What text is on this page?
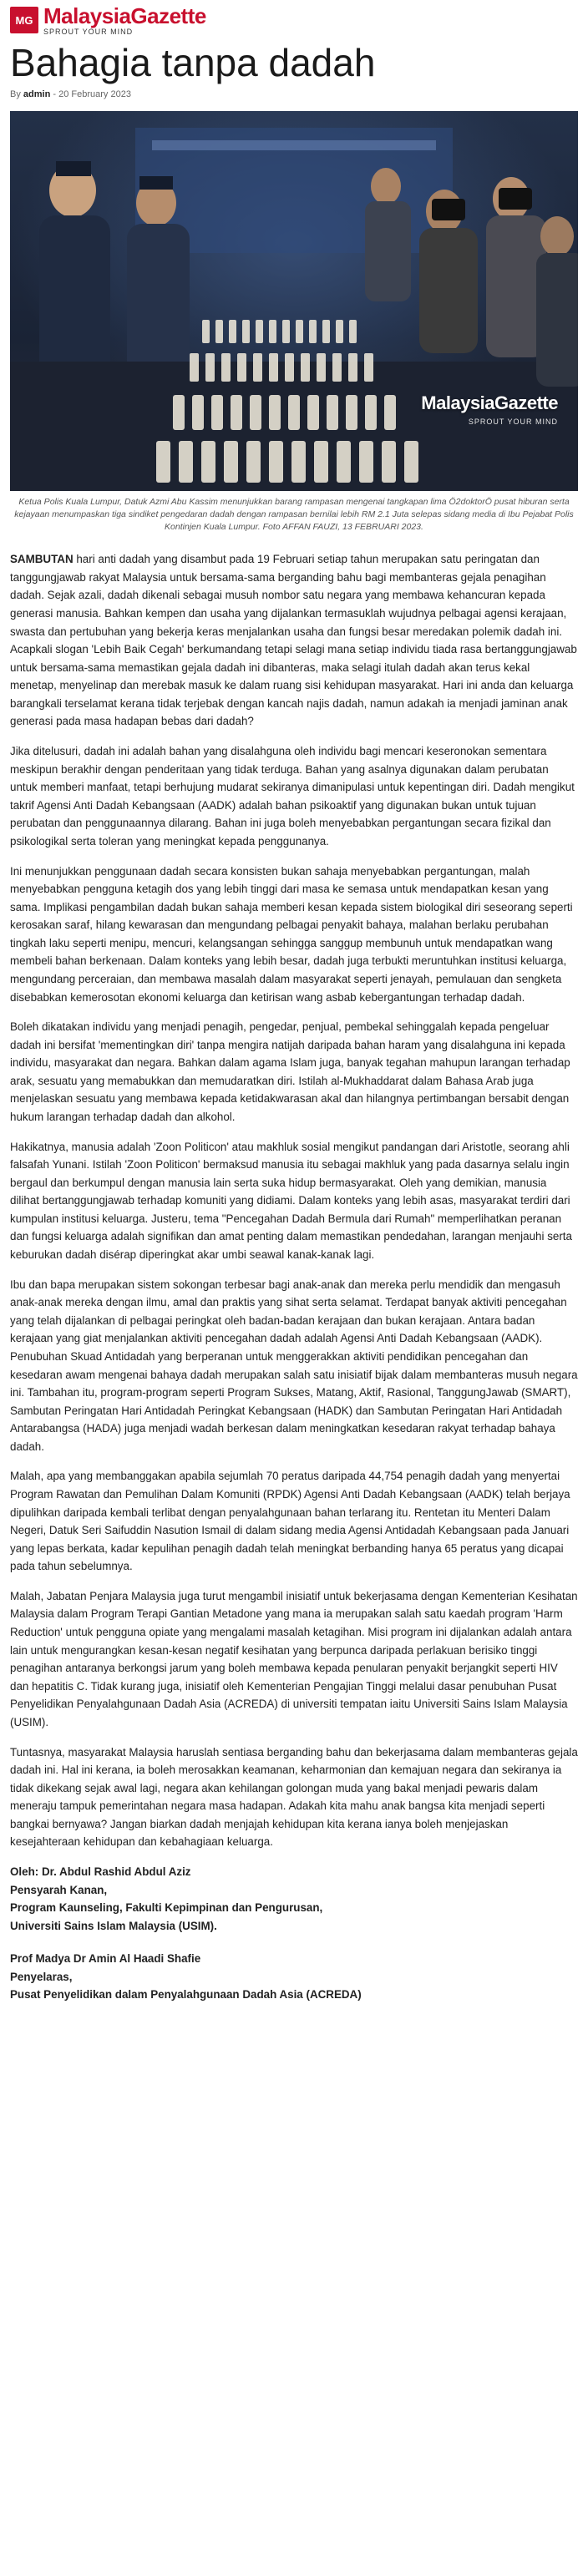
MG MalaysiaGazette
SPROUT YOUR MIND
Bahagia tanpa dadah
By admin - 20 February 2023
MalaysiaGazette
SPROUT YOUR MIND

Ketua Polis Kuala Lumpur, Datuk Azmi Abu Kassim menunjukkan barang rampasan mengenai tangkapan lima Ö2doktorÖ pusat hiburan serta kejayaan menumpaskan tiga sindiket pengedaran dadah dengan rampasan bernilai lebih RM 2.1 Juta selepas sidang media di Ibu Pejabat Polis Kontinjen Kuala Lumpur. Foto AFFAN FAUZI, 13 FEBRUARI 2023.

SAMBUTAN hari anti dadah yang disambut pada 19 Februari setiap tahun merupakan satu peringatan dan tanggungjawab rakyat Malaysia untuk bersama-sama berganding bahu bagi membanteras gejala penagihan dadah. Sejak azali, dadah dikenali sebagai musuh nombor satu negara yang membawa kehancuran kepada generasi manusia. Bahkan kempen dan usaha yang dijalankan termasuklah wujudnya pelbagai agensi kerajaan, swasta dan pertubuhan yang bekerja keras menjalankan usaha dan fungsi besar meredakan polemik dadah ini. Acapkali slogan 'Lebih Baik Cegah' berkumandang tetapi selagi mana setiap individu tiada rasa bertanggungjawab untuk bersama-sama memastikan gejala dadah ini dibanteras, maka selagi itulah dadah akan terus kekal menetap, menyelinap dan merebak masuk ke dalam ruang sisi kehidupan masyarakat. Hari ini anda dan keluarga barangkali terselamat kerana tidak terjebak dengan kancah najis dadah, namun adakah ia menjadi jaminan anak generasi pada masa hadapan bebas dari dadah?

Jika ditelusuri, dadah ini adalah bahan yang disalahguna oleh individu bagi mencari keseronokan sementara meskipun berakhir dengan penderitaan yang tidak terduga. Bahan yang asalnya digunakan dalam perubatan untuk memberi manfaat, tetapi berhujung mudarat sekiranya dimanipulasi untuk kepentingan diri. Dadah mengikut takrif Agensi Anti Dadah Kebangsaan (AADK) adalah bahan psikoaktif yang digunakan bukan untuk tujuan perubatan dan penggunaannya dilarang. Bahan ini juga boleh menyebabkan pergantungan secara fizikal dan psikologikal serta toleran yang meningkat kepada penggunanya.

Ini menunjukkan penggunaan dadah secara konsisten bukan sahaja menyebabkan pergantungan, malah menyebabkan pengguna ketagih dos yang lebih tinggi dari masa ke semasa untuk mendapatkan kesan yang sama. Implikasi pengambilan dadah bukan sahaja memberi kesan kepada sistem biologikal diri seseorang seperti kerosakan saraf, hilang kewarasan dan mengundang pelbagai penyakit bahaya, malahan berlaku perubahan tingkah laku seperti menipu, mencuri, kelangsangan sehingga sanggup membunuh untuk mendapatkan wang membeli bahan berkenaan. Dalam konteks yang lebih besar, dadah juga terbukti meruntuhkan institusi keluarga, mengundang perceraian, dan membawa masalah dalam masyarakat seperti jenayah, pemulauan dan sengketa disebabkan kemerosotan ekonomi keluarga dan ketirisan wang asbab kebergantungan terhadap dadah.

Boleh dikatakan individu yang menjadi penagih, pengedar, penjual, pembekal sehinggalah kepada pengeluar dadah ini bersifat 'mementingkan diri' tanpa mengira natijah daripada bahan haram yang disalahguna ini kepada individu, masyarakat dan negara. Bahkan dalam agama Islam juga, banyak tegahan mahupun larangan terhadap arak, sesuatu yang memabukkan dan memudaratkan diri. Istilah al-Mukhaddarat dalam Bahasa Arab juga menjelaskan sesuatu yang membawa kepada ketidakwarasan akal dan hilangnya pertimbangan bersabit dengan hukum larangan terhadap dadah dan alkohol.

Hakikatnya, manusia adalah 'Zoon Politicon' atau makhluk sosial mengikut pandangan dari Aristotle, seorang ahli falsafah Yunani. Istilah 'Zoon Politicon' bermaksud manusia itu sebagai makhluk yang pada dasarnya selalu ingin bergaul dan berkumpul dengan manusia lain serta suka hidup bermasyarakat. Oleh yang demikian, manusia dilihat bertanggungjawab terhadap komuniti yang didiami. Dalam konteks yang lebih asas, masyarakat terdiri dari kumpulan institusi keluarga. Justeru, tema "Pencegahan Dadah Bermula dari Rumah" memperlihatkan peranan dan fungsi keluarga adalah signifikan dan amat penting dalam memastikan pendedahan, larangan menjauhi serta keburukan dadah disérap diperingkat akar umbi seawal kanak-kanak lagi.

Ibu dan bapa merupakan sistem sokongan terbesar bagi anak-anak dan mereka perlu mendidik dan mengasuh anak-anak mereka dengan ilmu, amal dan praktis yang sihat serta selamat. Terdapat banyak aktiviti pencegahan yang telah dijalankan di pelbagai peringkat oleh badan-badan kerajaan dan bukan kerajaan. Antara badan kerajaan yang giat menjalankan aktiviti pencegahan dadah adalah Agensi Anti Dadah Kebangsaan (AADK). Penubuhan Skuad Antidadah yang berperanan untuk menggerakkan aktiviti pendidikan pencegahan dan kesedaran awam mengenai bahaya dadah merupakan salah satu inisiatif bijak dalam membanteras musuh negara ini. Tambahan itu, program-program seperti Program Sukses, Matang, Aktif, Rasional, TanggungJawab (SMART), Sambutan Peringatan Hari Antidadah Peringkat Kebangsaan (HADK) dan Sambutan Peringatan Hari Antidadah Antarabangsa (HADA) juga menjadi wadah berkesan dalam meningkatkan kesedaran rakyat terhadap bahaya dadah.

Malah, apa yang membanggakan apabila sejumlah 70 peratus daripada 44,754 penagih dadah yang menyertai Program Rawatan dan Pemulihan Dalam Komuniti (RPDK) Agensi Anti Dadah Kebangsaan (AADK) telah berjaya dipulihkan daripada kembali terlibat dengan penyalahgunaan bahan terlarang itu. Rentetan itu Menteri Dalam Negeri, Datuk Seri Saifuddin Nasution Ismail di dalam sidang media Agensi Antidadah Kebangsaan pada Januari yang lepas berkata, kadar kepulihan penagih dadah telah meningkat berbanding hanya 65 peratus yang dicapai pada tahun sebelumnya.

Malah, Jabatan Penjara Malaysia juga turut mengambil inisiatif untuk bekerjasama dengan Kementerian Kesihatan Malaysia dalam Program Terapi Gantian Metadone yang mana ia merupakan salah satu kaedah program 'Harm Reduction' untuk pengguna opiate yang mengalami masalah ketagihan. Misi program ini dijalankan adalah antara lain untuk mengurangkan kesan-kesan negatif kesihatan yang berpunca daripada perlakuan berisiko tinggi penagihan antaranya berkongsi jarum yang boleh membawa kepada penularan penyakit berjangkit seperti HIV dan hepatitis C. Tidak kurang juga, inisiatif oleh Kementerian Pengajian Tinggi melalui dasar penubuhan Pusat Penyelidikan Penyalahgunaan Dadah Asia (ACREDA) di universiti tempatan iaitu Universiti Sains Islam Malaysia (USIM).

Tuntasnya, masyarakat Malaysia haruslah sentiasa berganding bahu dan bekerjasama dalam membanteras gejala dadah ini. Hal ini kerana, ia boleh merosakkan keamanan, keharmonian dan kemajuan negara dan sekiranya ia tidak dikekang sejak awal lagi, negara akan kehilangan golongan muda yang bakal menjadi pewaris dalam meneraju tampuk pemerintahan negara masa hadapan. Adakah kita mahu anak bangsa kita menjadi seperti bangkai bernyawa? Jangan biarkan dadah menjajah kehidupan kita kerana ianya boleh menjejaskan kesejahteraan kehidupan dan kebahagiaan keluarga.

Oleh: Dr. Abdul Rashid Abdul Aziz
Pensyarah Kanan,
Program Kaunseling, Fakulti Kepimpinan dan Pengurusan,
Universiti Sains Islam Malaysia (USIM).
Prof Madya Dr Amin Al Haadi Shafie
Penyelaras,
Pusat Penyelidikan dalam Penyalahgunaan Dadah Asia (ACREDA)
